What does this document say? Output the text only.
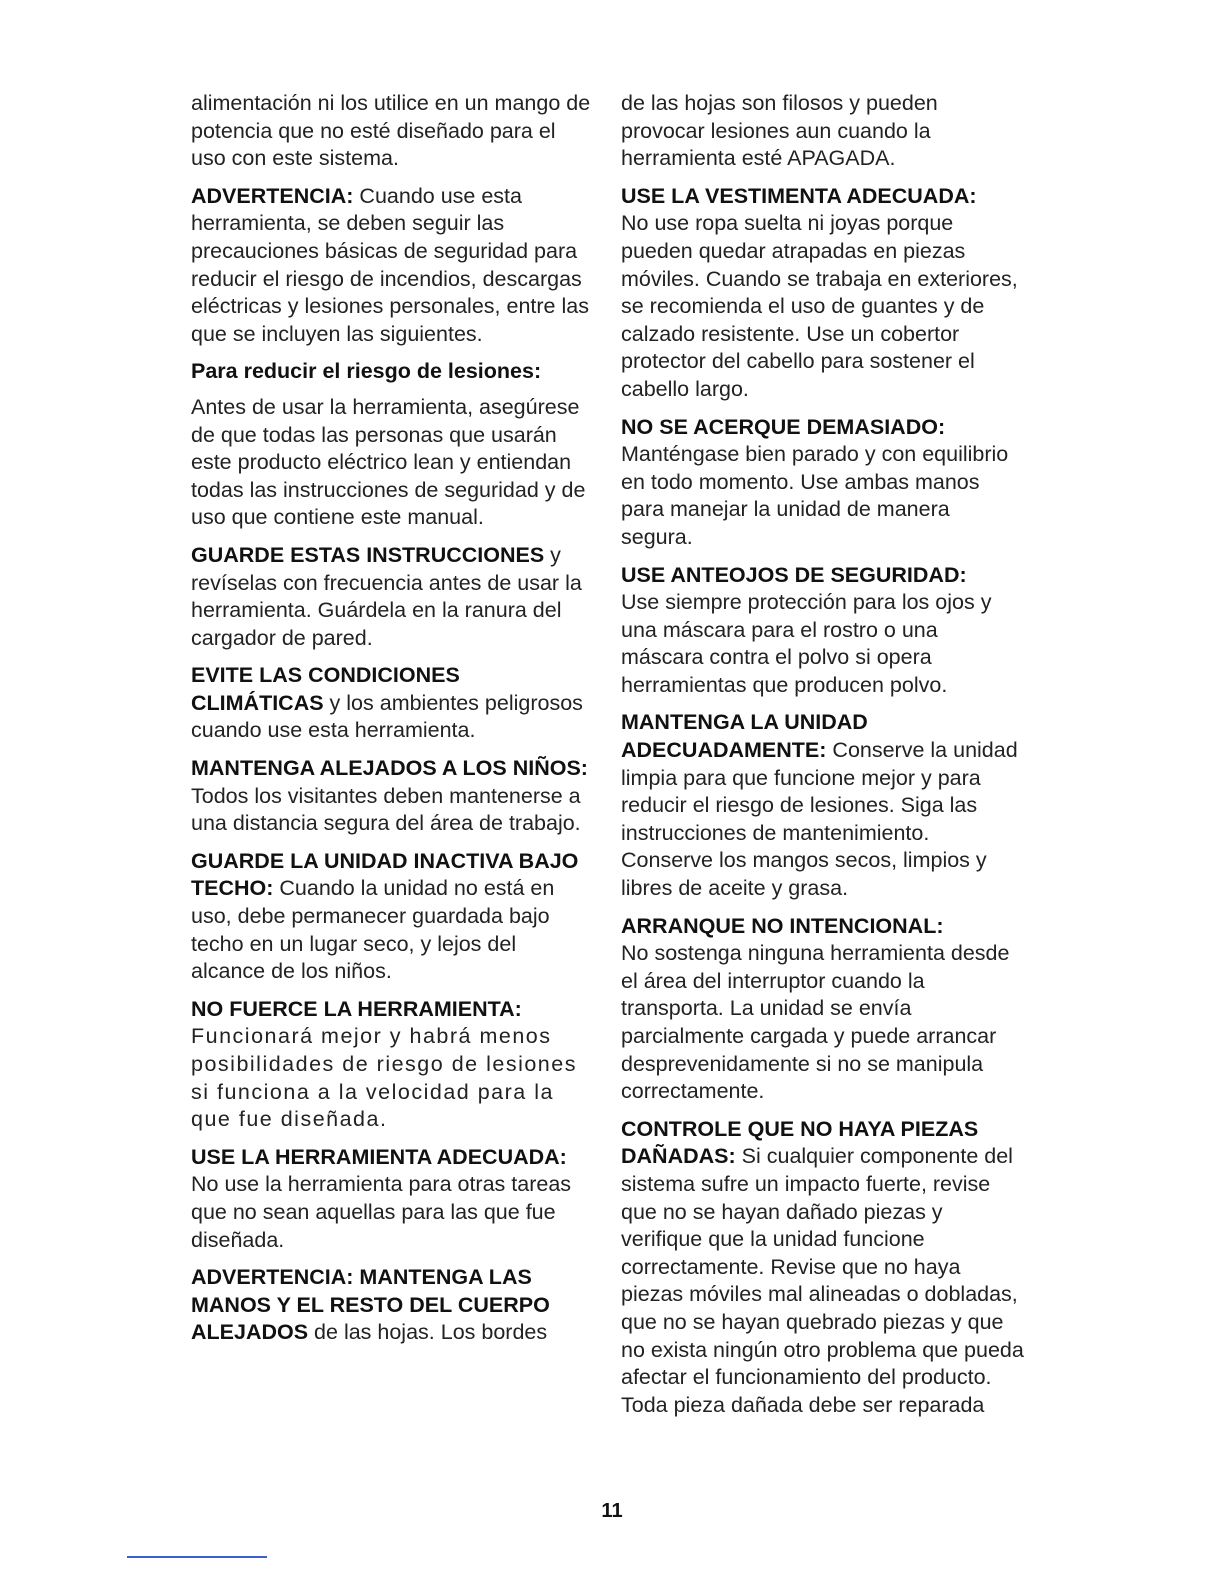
alimentación ni los utilice en un mango de potencia que no esté diseñado para el uso con este sistema.

ADVERTENCIA: Cuando use esta herramienta, se deben seguir las precauciones básicas de seguridad para reducir el riesgo de incendios, descargas eléctricas y lesiones personales, entre las que se incluyen las siguientes.

Para reducir el riesgo de lesiones:
Antes de usar la herramienta, asegúrese de que todas las personas que usarán este producto eléctrico lean y entiendan todas las instrucciones de seguridad y de uso que contiene este manual.

GUARDE ESTAS INSTRUCCIONES y revíselas con frecuencia antes de usar la herramienta. Guárdela en la ranura del cargador de pared.

EVITE LAS CONDICIONES CLIMÁTICAS y los ambientes peligrosos cuando use esta herramienta.

MANTENGA ALEJADOS A LOS NIÑOS: Todos los visitantes deben mantenerse a una distancia segura del área de trabajo.

GUARDE LA UNIDAD INACTIVA BAJO TECHO: Cuando la unidad no está en uso, debe permanecer guardada bajo techo en un lugar seco, y lejos del alcance de los niños.

NO FUERCE LA HERRAMIENTA:
Funcionará mejor y habrá menos posibilidades de riesgo de lesiones si funciona a la velocidad para la que fue diseñada.

USE LA HERRAMIENTA ADECUADA: No use la herramienta para otras tareas que no sean aquellas para las que fue diseñada.

ADVERTENCIA: MANTENGA LAS MANOS Y EL RESTO DEL CUERPO ALEJADOS de las hojas. Los bordes

de las hojas son filosos y pueden provocar lesiones aun cuando la herramienta esté APAGADA.

USE LA VESTIMENTA ADECUADA:
No use ropa suelta ni joyas porque pueden quedar atrapadas en piezas móviles. Cuando se trabaja en exteriores, se recomienda el uso de guantes y de calzado resistente. Use un cobertor protector del cabello para sostener el cabello largo.

NO SE ACERQUE DEMASIADO:
Manténgase bien parado y con equilibrio en todo momento. Use ambas manos para manejar la unidad de manera segura.

USE ANTEOJOS DE SEGURIDAD:
Use siempre protección para los ojos y una máscara para el rostro o una máscara contra el polvo si opera herramientas que producen polvo.

MANTENGA LA UNIDAD ADECUADAMENTE: Conserve la unidad limpia para que funcione mejor y para reducir el riesgo de lesiones. Siga las instrucciones de mantenimiento. Conserve los mangos secos, limpios y libres de aceite y grasa.

ARRANQUE NO INTENCIONAL:
No sostenga ninguna herramienta desde el área del interruptor cuando la transporta. La unidad se envía parcialmente cargada y puede arrancar desprevenidamente si no se manipula correctamente.

CONTROLE QUE NO HAYA PIEZAS DAÑADAS: Si cualquier componente del sistema sufre un impacto fuerte, revise que no se hayan dañado piezas y verifique que la unidad funcione correctamente. Revise que no haya piezas móviles mal alineadas o dobladas, que no se hayan quebrado piezas y que no exista ningún otro problema que pueda afectar el funcionamiento del producto. Toda pieza dañada debe ser reparada

11
